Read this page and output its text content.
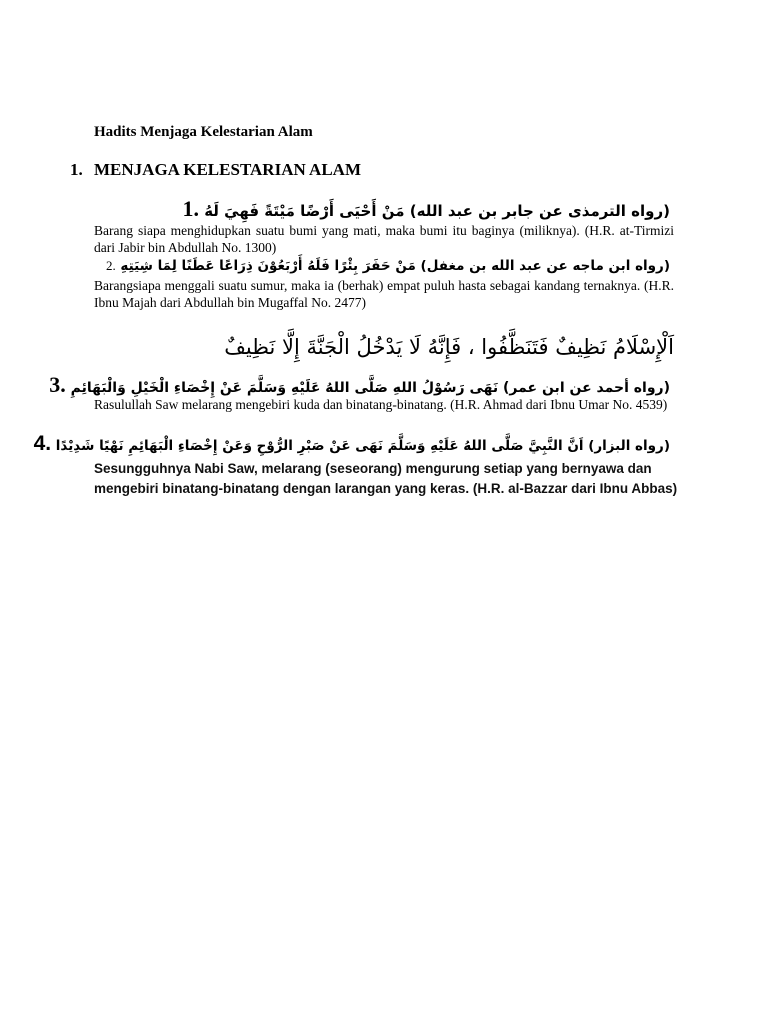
Hadits Menjaga Kelestarian Alam
1. MENJAGA KELESTARIAN ALAM
1. مَنْ أَحْيَى أَرْضًا مَيْتَةً فَهِيَ لَهُ (رواه الترمذى عن جابر بن عبد الله)
Barang siapa menghidupkan suatu bumi yang mati, maka bumi itu baginya (miliknya). (H.R. at-Tirmizi dari Jabir bin Abdullah No. 1300)
2. مَنْ حَفَرَ بِئْرًا فَلَهُ أَرْبَعُوْنَ ذِرَاعًا عَطَنًا لِمَا شِيَتِهِ (رواه ابن ماجه عن عبد الله بن مغفل)
Barangsiapa menggali suatu sumur, maka ia (berhak) empat puluh hasta sebagai kandang ternaknya. (H.R. Ibnu Majah dari Abdullah bin Mugaffal No. 2477)
اَلْإِسْلَامُ نَظِيفٌ فَتَنَظَّفُوا ، فَإِنَّهُ لَا يَدْخُلُ الْجَنَّةَ إِلَّا نَظِيفٌ
3. نَهَى رَسُوْلُ اللهِ صَلَّى اللهُ عَلَيْهِ وَسَلَّمَ عَنْ إِخْصَاءِ الْخَيْلِ وَالْبَهَائِمِ (رواه أحمد عن ابن عمر)
Rasulullah Saw melarang mengebiri kuda dan binatang-binatang. (H.R. Ahmad dari Ibnu Umar No. 4539)
4. اَنَّ النَّبِيَّ صَلَّى اللهُ عَلَيْهِ وَسَلَّمَ نَهَى عَنْ صَبْرِ الرُّوْحِ وَعَنْ إِخْصَاءِ الْبَهَائِمِ نَهْيًا شَدِيْدًا (رواه البزار)
Sesungguhnya Nabi Saw, melarang (seseorang) mengurung setiap yang bernyawa dan mengebiri binatang-binatang dengan larangan yang keras. (H.R. al-Bazzar dari Ibnu Abbas)
